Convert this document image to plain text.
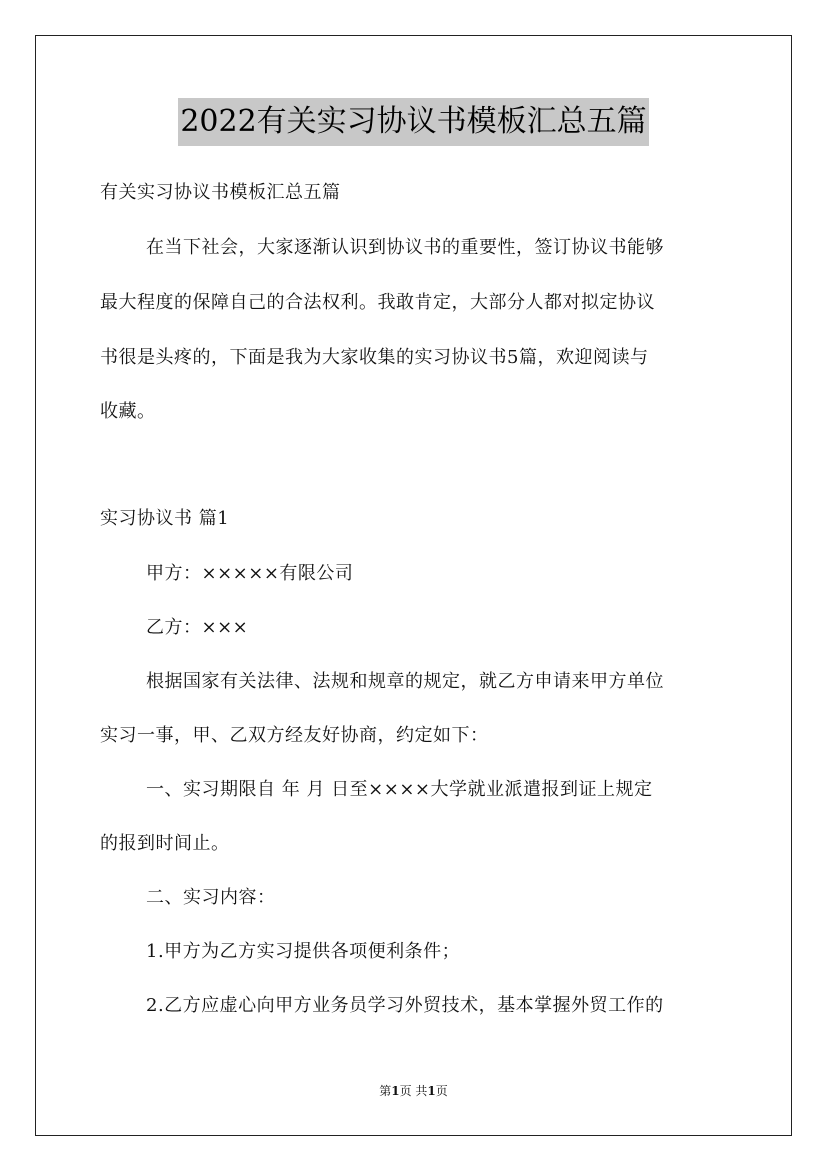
2022有关实习协议书模板汇总五篇
有关实习协议书模板汇总五篇
在当下社会，大家逐渐认识到协议书的重要性，签订协议书能够
最大程度的保障自己的合法权利。我敢肯定，大部分人都对拟定协议
书很是头疼的，下面是我为大家收集的实习协议书5篇，欢迎阅读与
收藏。
实习协议书 篇1
甲方：×××××有限公司
乙方：×××
根据国家有关法律、法规和规章的规定，就乙方申请来甲方单位
实习一事，甲、乙双方经友好协商，约定如下：
一、实习期限自 年 月 日至××××大学就业派遣报到证上规定
的报到时间止。
二、实习内容：
1.甲方为乙方实习提供各项便利条件；
2.乙方应虚心向甲方业务员学习外贸技术，基本掌握外贸工作的
第1页 共1页
